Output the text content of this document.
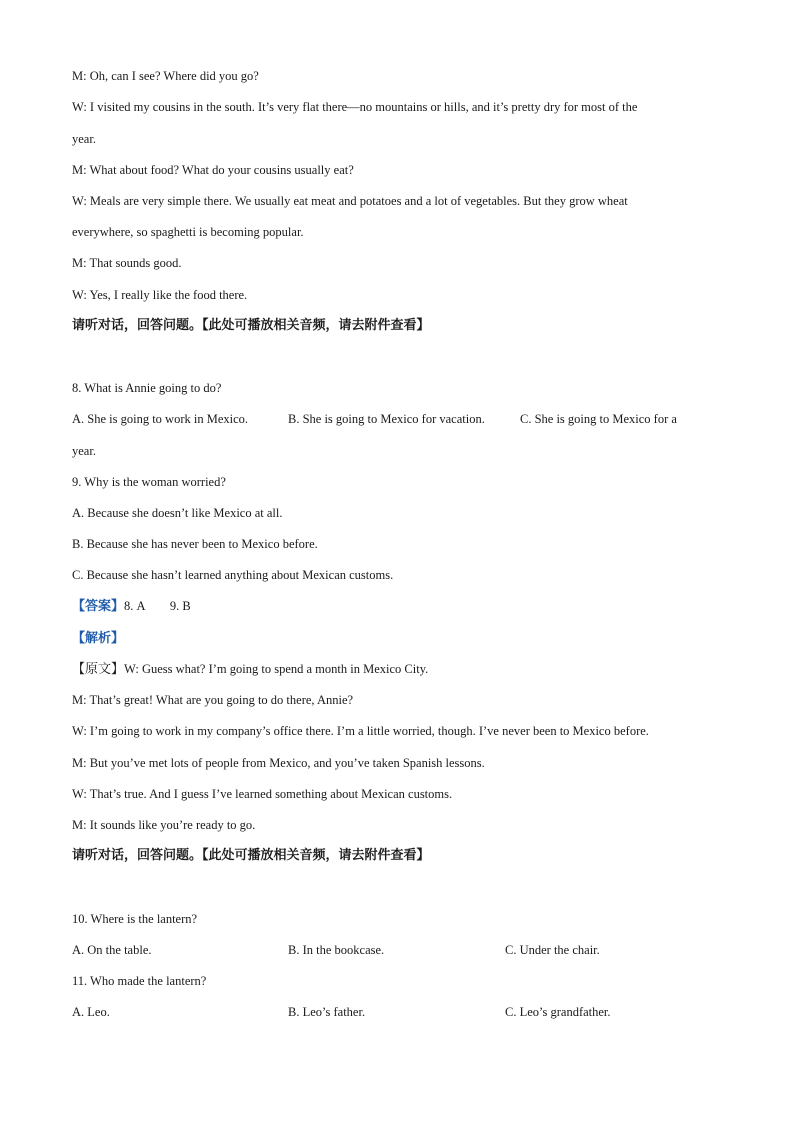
M: Oh, can I see? Where did you go?
W: I visited my cousins in the south. It’s very flat there—no mountains or hills, and it’s pretty dry for most of the
year.
M: What about food? What do your cousins usually eat?
W: Meals are very simple there. We usually eat meat and potatoes and a lot of vegetables. But they grow wheat
everywhere, so spaghetti is becoming popular.
M: That sounds good.
W: Yes, I really like the food there.
请听对话，回答问题。【此处可播放相关音频，请去附件查看】
8. What is Annie going to do?
A. She is going to work in Mexico.	B. She is going to Mexico for vacation.	C. She is going to Mexico for a
year.
9. Why is the woman worried?
A. Because she doesn’t like Mexico at all.
B. Because she has never been to Mexico before.
C. Because she hasn’t learned anything about Mexican customs.
【答案】8. A        9. B
【解析】
【原文】W: Guess what? I’m going to spend a month in Mexico City.
M: That’s great! What are you going to do there, Annie?
W: I’m going to work in my company’s office there. I’m a little worried, though. I’ve never been to Mexico before.
M: But you’ve met lots of people from Mexico, and you’ve taken Spanish lessons.
W: That’s true. And I guess I’ve learned something about Mexican customs.
M: It sounds like you’re ready to go.
请听对话，回答问题。【此处可播放相关音频，请去附件查看】
10. Where is the lantern?
A. On the table.	B. In the bookcase.	C. Under the chair.
11. Who made the lantern?
A. Leo.	B. Leo’s father.	C. Leo’s grandfather.
